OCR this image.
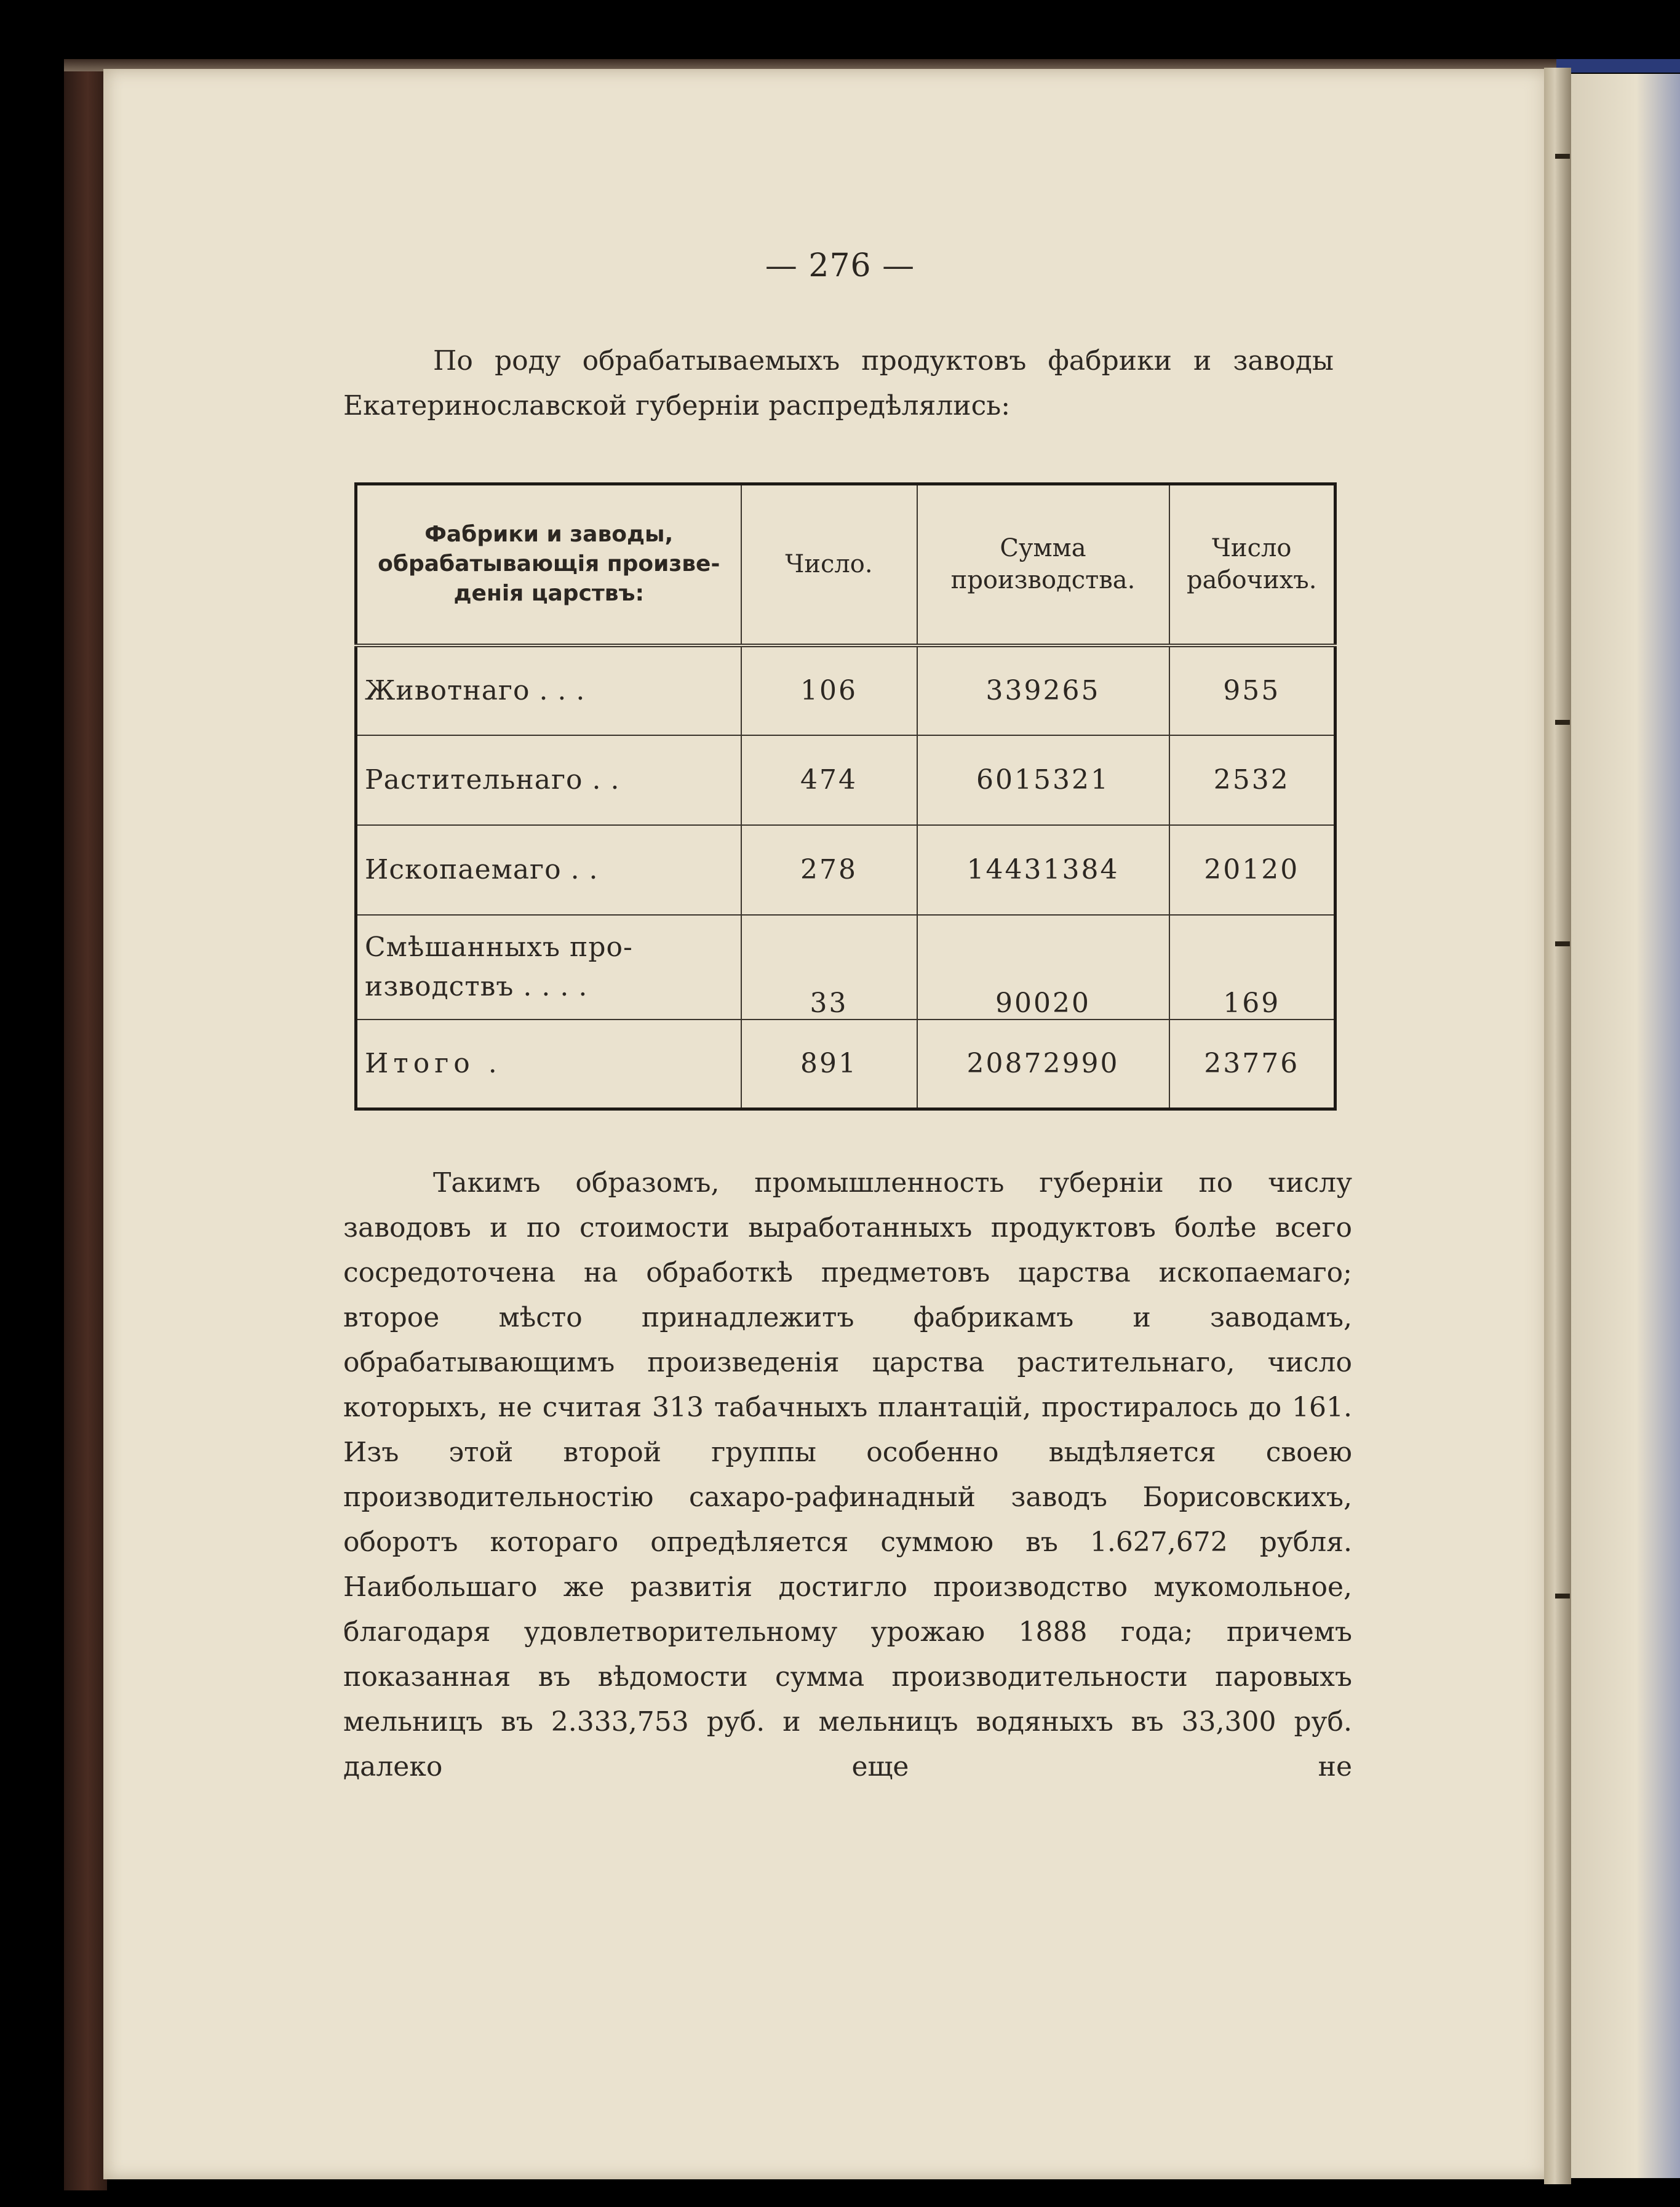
— 276 —

По роду обрабатываемыхъ продуктовъ фабрики и заводы Екатеринославской губерніи распредѣлялись:

Фабрики и заводы, обрабатывающія произве-денія царствъ:	Число.	Сумма производства.	Число рабочихъ.
Животнаго . . .	106	339265	955
Растительнаго . .	474	6015321	2532
Ископаемаго . .	278	14431384	20120
Смѣшанныхъ про-изводствъ . . . .	33	90020	169
Итого .	891	20872990	23776

Такимъ образомъ, промышленность губерніи по числу заводовъ и по стоимости выработанныхъ продуктовъ болѣе всего сосредоточена на обработкѣ предметовъ царства ископаемаго; второе мѣсто принадлежитъ фабрикамъ и заводамъ, обрабатывающимъ произведенія царства растительнаго, число которыхъ, не считая 313 табачныхъ плантацій, простиралось до 161. Изъ этой второй группы особенно выдѣляется своею производительностію сахаро-рафинадный заводъ Борисовскихъ, оборотъ котораго опредѣляется суммою въ 1.627,672 рубля. Наибольшаго же развитія достигло производство мукомольное, благодаря удовлетворительному урожаю 1888 года; причемъ показанная въ вѣдомости сумма производительности паровыхъ мельницъ въ 2.333,753 руб. и мельницъ водяныхъ въ 33,300 руб. далеко еще не
